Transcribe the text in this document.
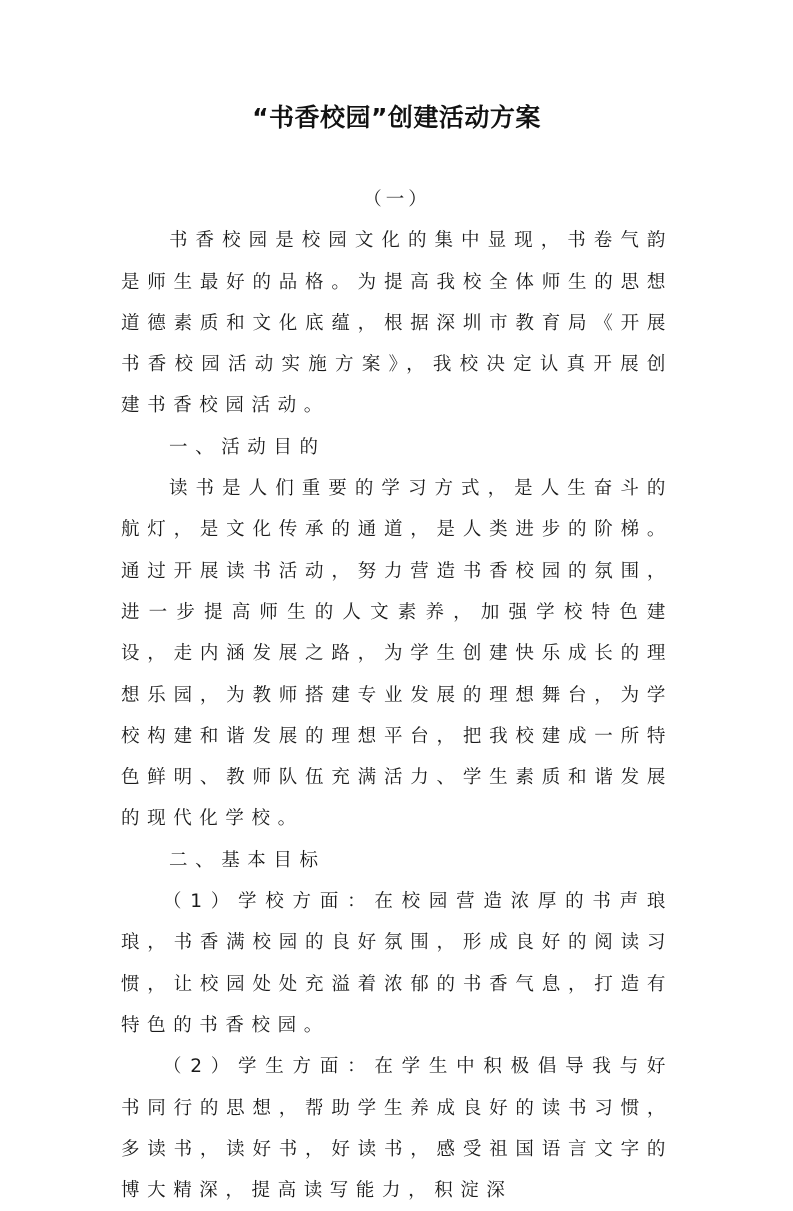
“书香校园”创建活动方案

（一）

书香校园是校园文化的集中显现，书卷气韵是师生最好的品格。为提高我校全体师生的思想道德素质和文化底蕴，根据深圳市教育局《开展书香校园活动实施方案》，我校决定认真开展创建书香校园活动。

一、活动目的

读书是人们重要的学习方式，是人生奋斗的航灯，是文化传承的通道，是人类进步的阶梯。通过开展读书活动，努力营造书香校园的氛围，进一步提高师生的人文素养，加强学校特色建设，走内涵发展之路，为学生创建快乐成长的理想乐园，为教师搭建专业发展的理想舞台，为学校构建和谐发展的理想平台，把我校建成一所特色鲜明、教师队伍充满活力、学生素质和谐发展的现代化学校。

二、基本目标

（1）学校方面：在校园营造浓厚的书声琅琅，书香满校园的良好氛围，形成良好的阅读习惯，让校园处处充溢着浓郁的书香气息，打造有特色的书香校园。

（2）学生方面：在学生中积极倡导我与好书同行的思想，帮助学生养成良好的读书习惯，多读书，读好书，好读书，感受祖国语言文字的博大精深，提高读写能力，积淀深
